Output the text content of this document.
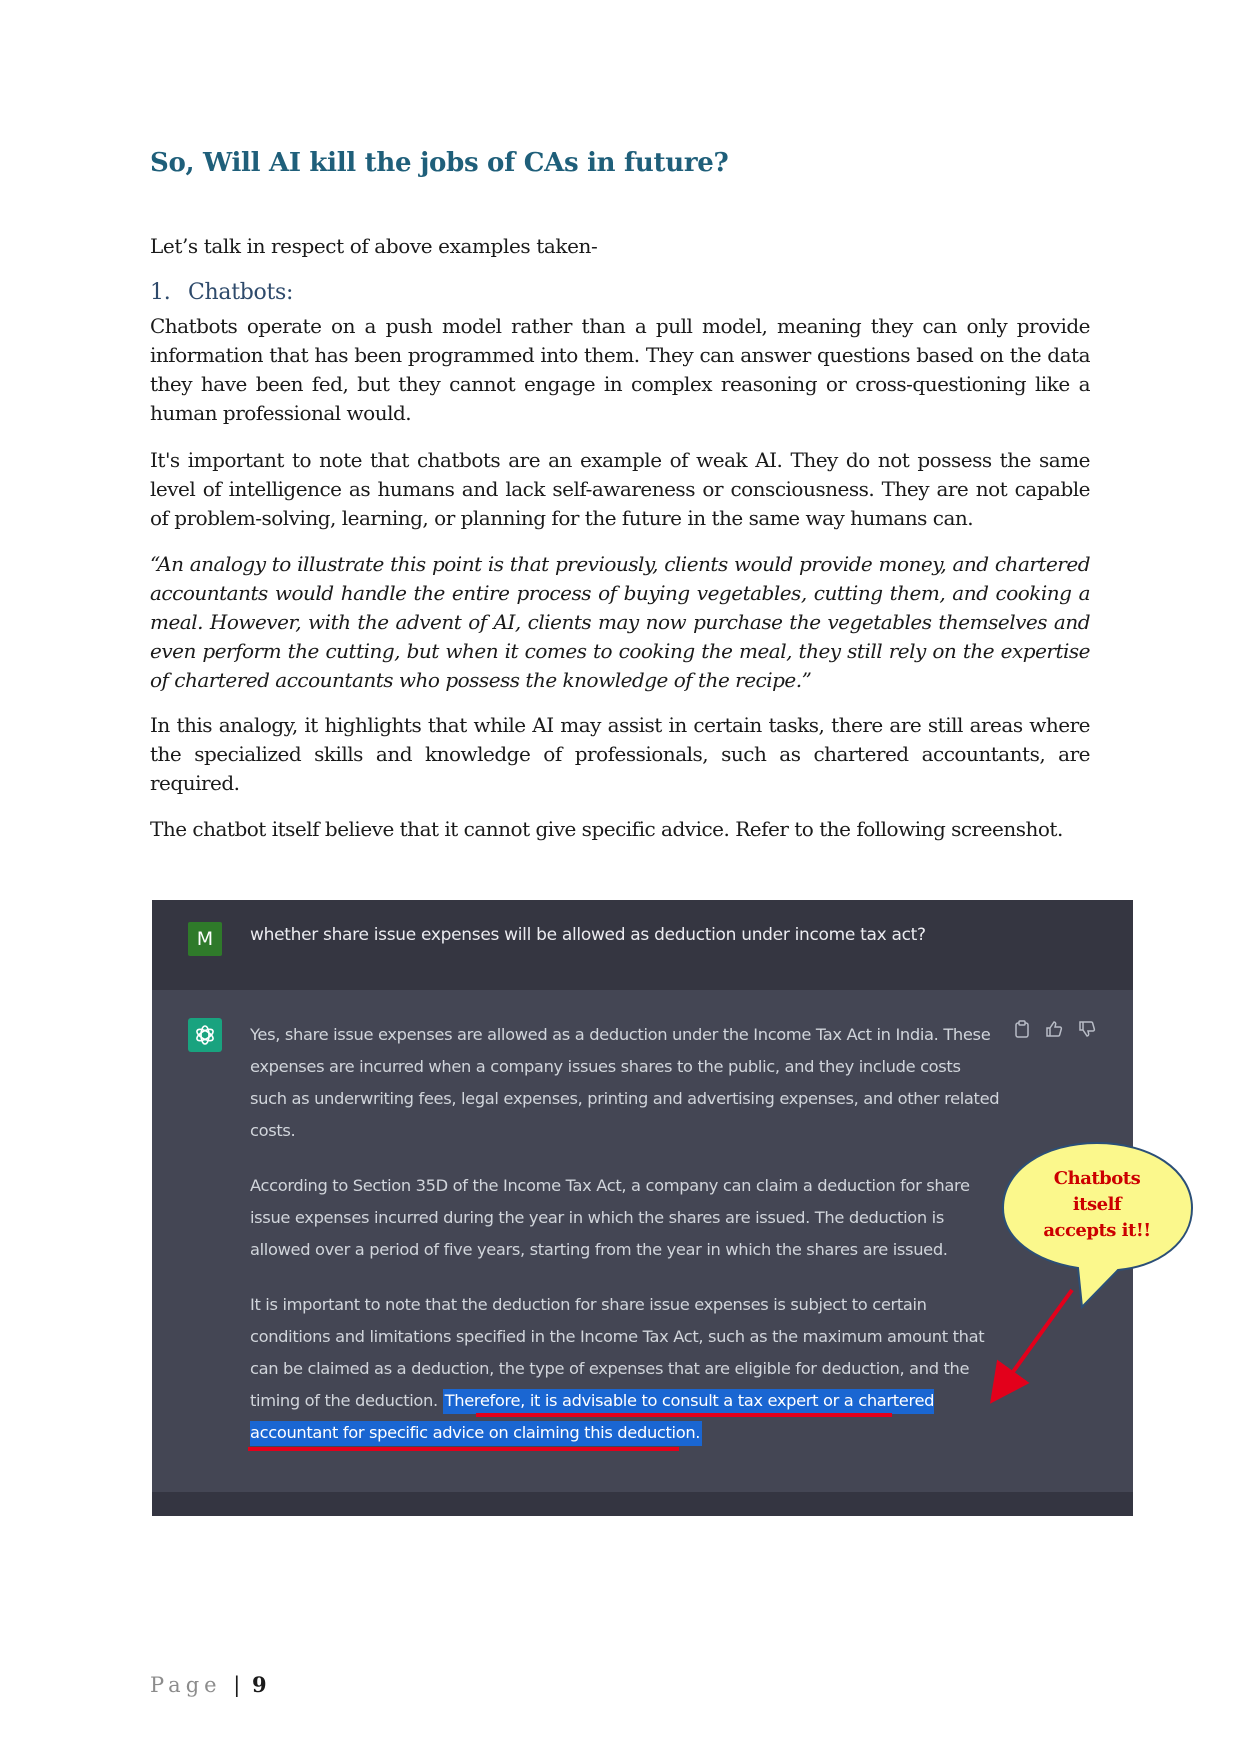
So, Will AI kill the jobs of CAs in future?

Let’s talk in respect of above examples taken-

1. Chatbots:

Chatbots operate on a push model rather than a pull model, meaning they can only provide information that has been programmed into them. They can answer questions based on the data they have been fed, but they cannot engage in complex reasoning or cross-questioning like a human professional would.

It's important to note that chatbots are an example of weak AI. They do not possess the same level of intelligence as humans and lack self-awareness or consciousness. They are not capable of problem-solving, learning, or planning for the future in the same way humans can.

“An analogy to illustrate this point is that previously, clients would provide money, and chartered accountants would handle the entire process of buying vegetables, cutting them, and cooking a meal. However, with the advent of AI, clients may now purchase the vegetables themselves and even perform the cutting, but when it comes to cooking the meal, they still rely on the expertise of chartered accountants who possess the knowledge of the recipe.”

In this analogy, it highlights that while AI may assist in certain tasks, there are still areas where the specialized skills and knowledge of professionals, such as chartered accountants, are required.

The chatbot itself believe that it cannot give specific advice. Refer to the following screenshot.

M	whether share issue expenses will be allowed as deduction under income tax act?

Yes, share issue expenses are allowed as a deduction under the Income Tax Act in India. These expenses are incurred when a company issues shares to the public, and they include costs such as underwriting fees, legal expenses, printing and advertising expenses, and other related costs.

According to Section 35D of the Income Tax Act, a company can claim a deduction for share issue expenses incurred during the year in which the shares are issued. The deduction is allowed over a period of five years, starting from the year in which the shares are issued.

It is important to note that the deduction for share issue expenses is subject to certain conditions and limitations specified in the Income Tax Act, such as the maximum amount that can be claimed as a deduction, the type of expenses that are eligible for deduction, and the timing of the deduction. Therefore, it is advisable to consult a tax expert or a chartered accountant for specific advice on claiming this deduction.

Chatbots
itself
accepts it!!
Page | 9
